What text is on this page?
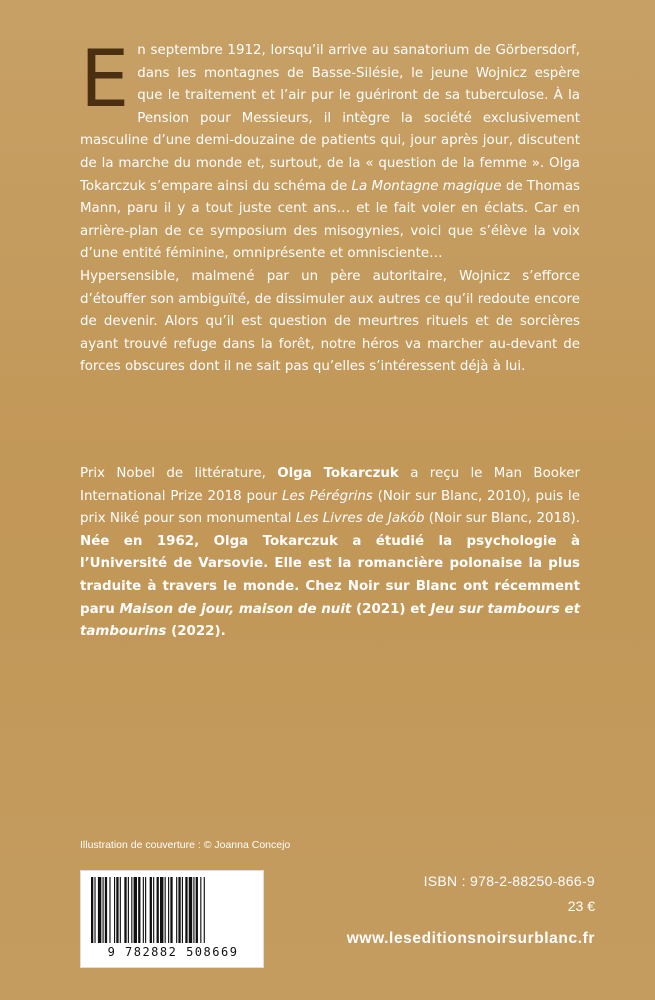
En septembre 1912, lorsqu’il arrive au sanatorium de Görbersdorf, dans les montagnes de Basse-Silésie, le jeune Wojnicz espère que le traitement et l’air pur le guériront de sa tuberculose. À la Pension pour Messieurs, il intègre la société exclusivement masculine d’une demi-douzaine de patients qui, jour après jour, discutent de la marche du monde et, surtout, de la « question de la femme ». Olga Tokarczuk s’empare ainsi du schéma de La Montagne magique de Thomas Mann, paru il y a tout juste cent ans… et le fait voler en éclats. Car en arrière-plan de ce symposium des misogynies, voici que s’élève la voix d’une entité féminine, omniprésente et omnisciente…

Hypersensible, malmené par un père autoritaire, Wojnicz s’efforce d’étouffer son ambiguïté, de dissimuler aux autres ce qu’il redoute encore de devenir. Alors qu’il est question de meurtres rituels et de sorcières ayant trouvé refuge dans la forêt, notre héros va marcher au-devant de forces obscures dont il ne sait pas qu’elles s’intéressent déjà à lui.

Prix Nobel de littérature, Olga Tokarczuk a reçu le Man Booker International Prize 2018 pour Les Pérégrins (Noir sur Blanc, 2010), puis le prix Niké pour son monumental Les Livres de Jakób (Noir sur Blanc, 2018). Née en 1962, Olga Tokarczuk a étudié la psychologie à l’Université de Varsovie. Elle est la romancière polonaise la plus traduite à travers le monde. Chez Noir sur Blanc ont récemment paru Maison de jour, maison de nuit (2021) et Jeu sur tambours et tambourins (2022).

Illustration de couverture : © Joanna Concejo
9 782882 508669
ISBN : 978-2-88250-866-9
23 €
www.leseditionsnoirsurblanc.fr
